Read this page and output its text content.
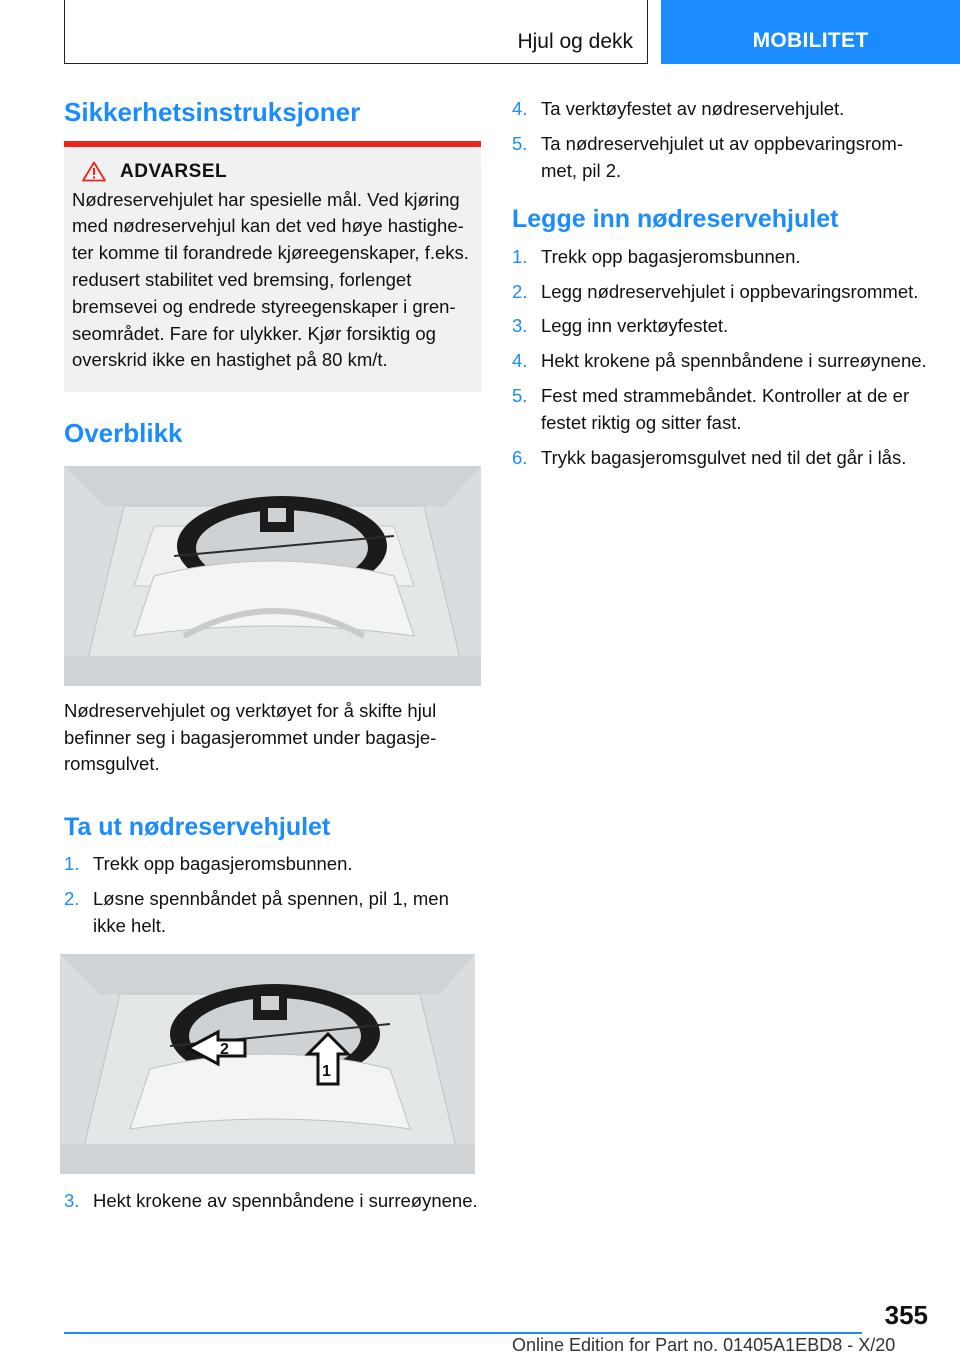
Hjul og dekk	MOBILITET
Sikkerhetsinstruksjoner
ADVARSEL
Nødreservehjulet har spesielle mål. Ved kjøring med nødreservehjul kan det ved høye hastigheter komme til forandrede kjøreegenskaper, f.eks. redusert stabilitet ved bremsing, forlenget bremsevei og endrede styreegenskaper i grenseområdet. Fare for ulykker. Kjør forsiktig og overskrid ikke en hastighet på 80 km/t.
Overblikk
Nødreservehjulet og verktøyet for å skifte hjul befinner seg i bagasjerommet under bagasjeromsgulvet.
Ta ut nødreservehjulet
1. Trekk opp bagasjeromsbunnen.
2. Løsne spennbåndet på spennen, pil 1, men ikke helt.
2
1
3. Hekt krokene av spennbåndene i surreøynene.
4. Ta verktøyfestet av nødreservehjulet.
5. Ta nødreservehjulet ut av oppbevaringsrommet, pil 2.
Legge inn nødreservehjulet
1. Trekk opp bagasjeromsbunnen.
2. Legg nødreservehjulet i oppbevaringsrommet.
3. Legg inn verktøyfestet.
4. Hekt krokene på spennbåndene i surreøynene.
5. Fest med strammebåndet. Kontroller at de er festet riktig og sitter fast.
6. Trykk bagasjeromsgulvet ned til det går i lås.
355
Online Edition for Part no. 01405A1EBD8 - X/20
